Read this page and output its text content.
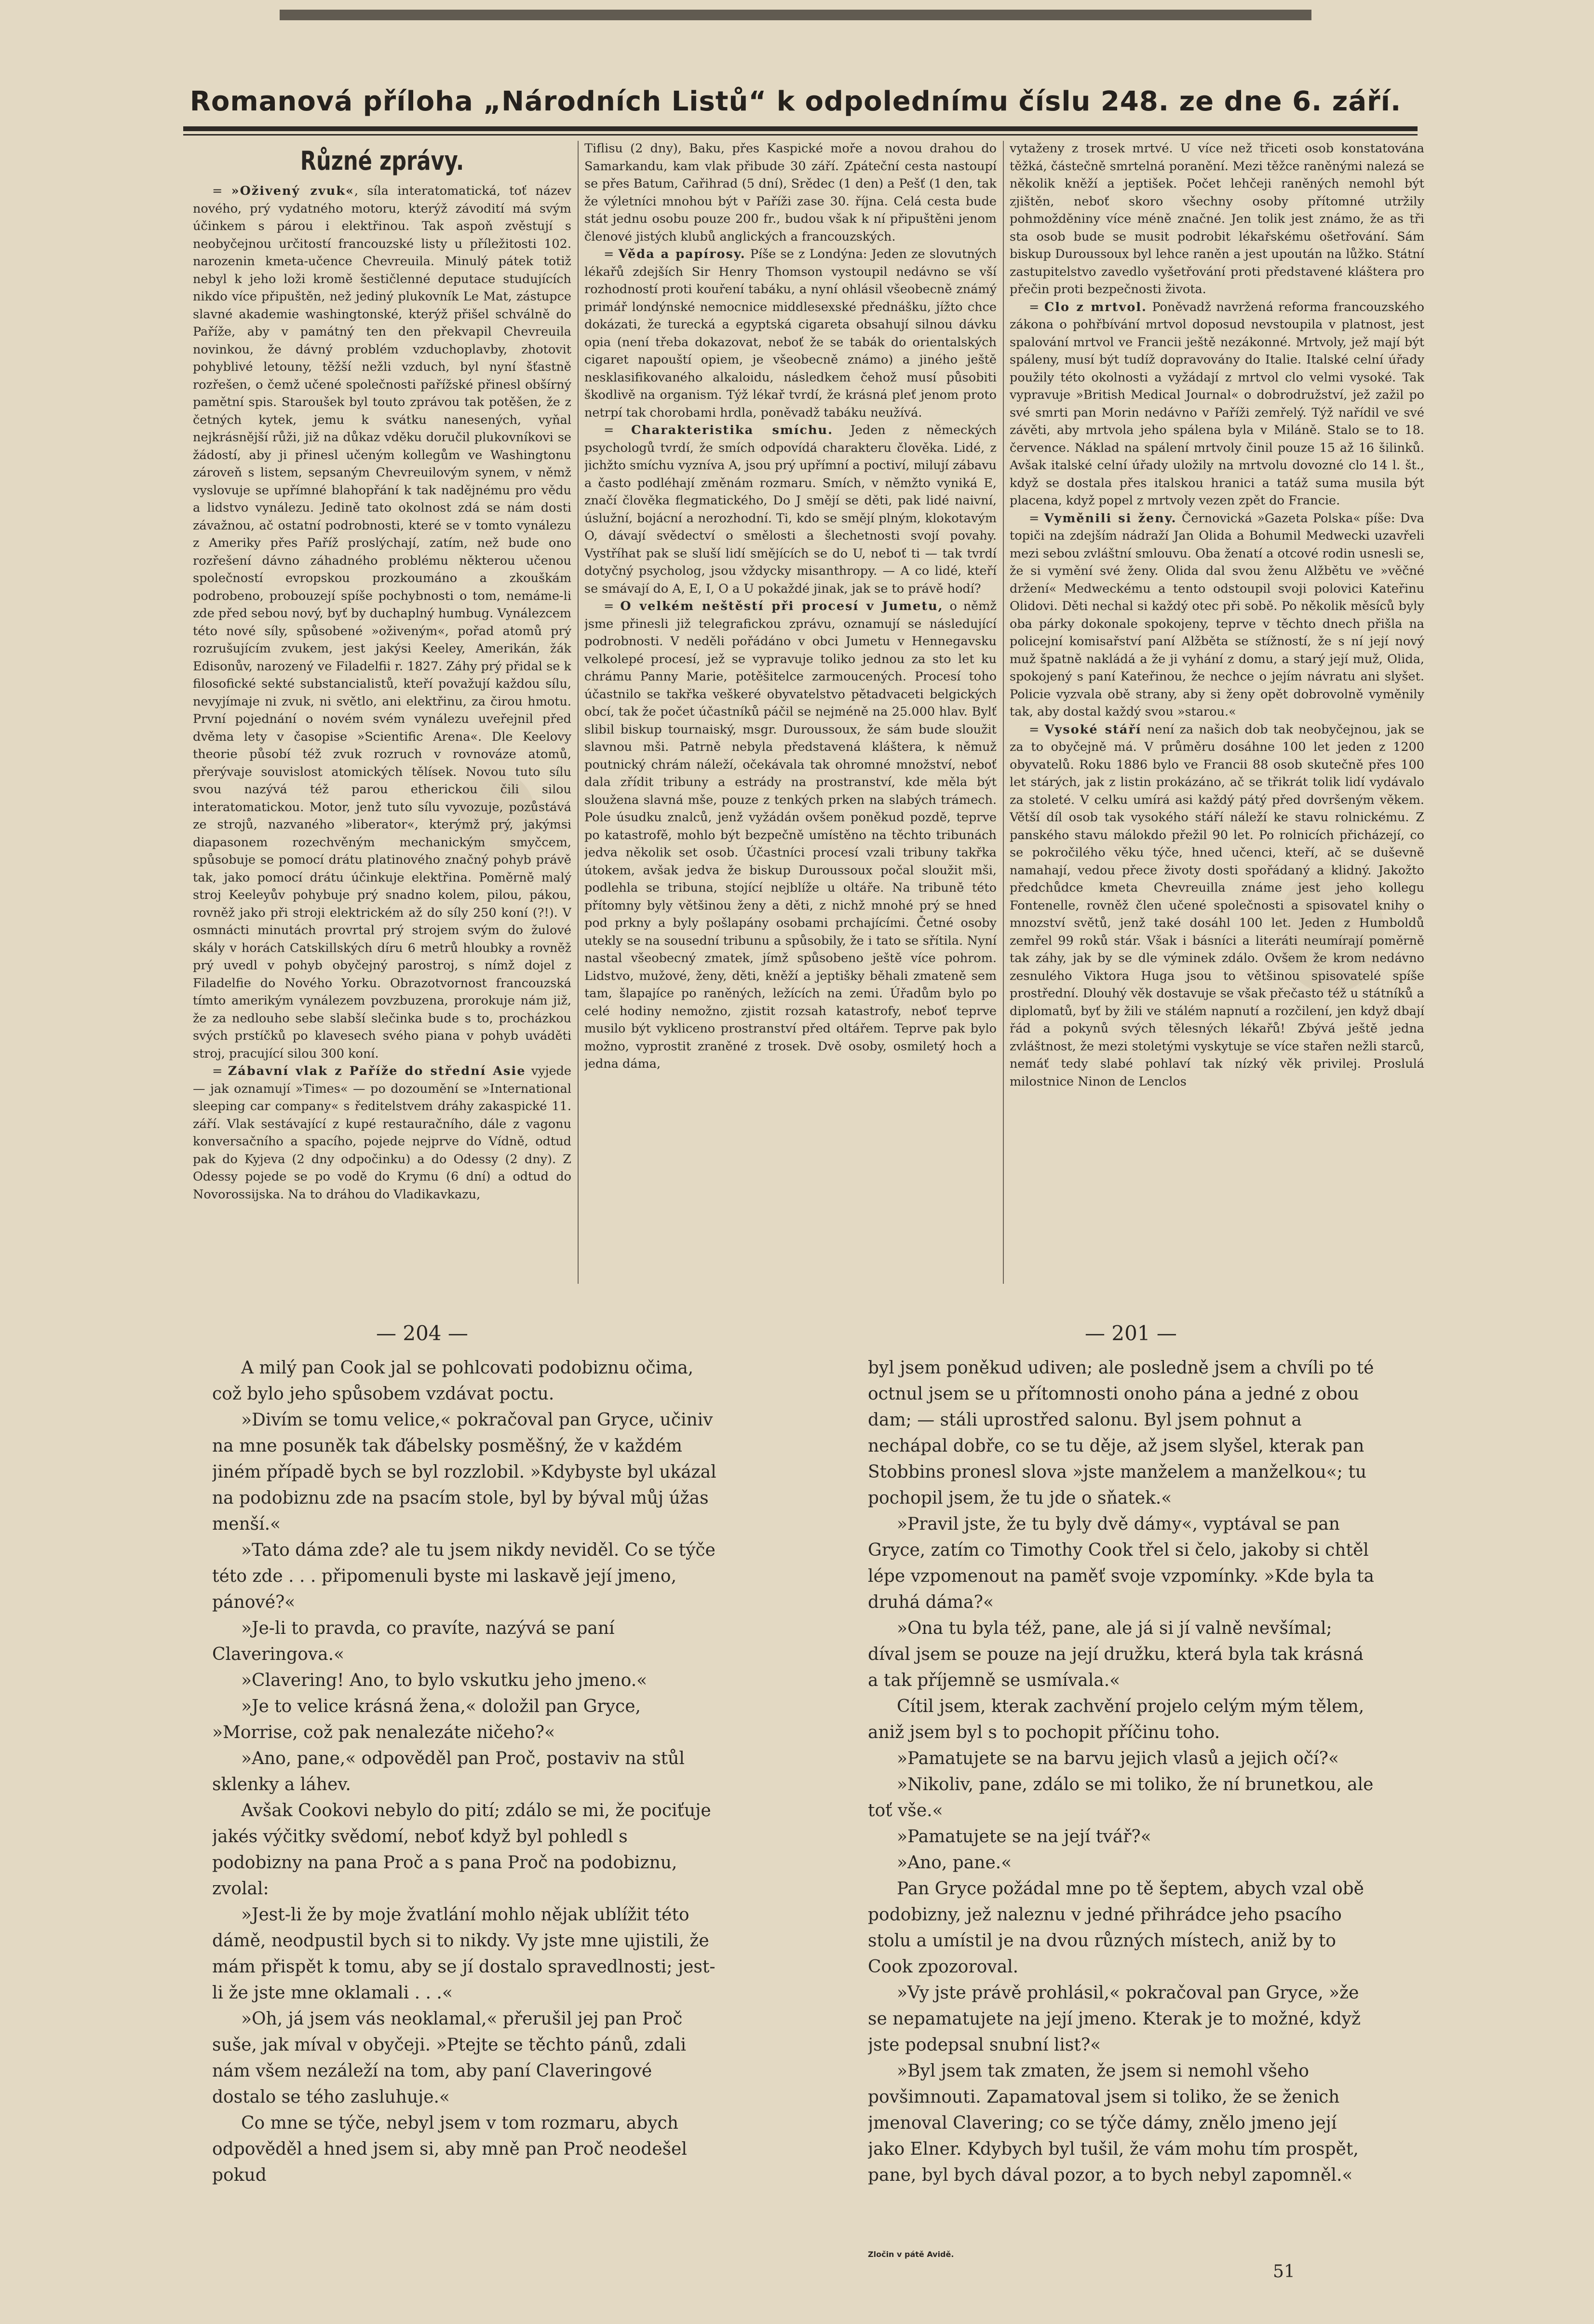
Romanová příloha „Národních Listů“ k odpolednímu číslu 248. ze dne 6. září.
Různé zprávy.

= »Oživený zvuk«, síla interatomatická, toť název nového, prý vydatného motoru, kterýž závodití má svým účinkem s párou i elektřinou. Tak aspoň zvěstují s neobyčejnou určitostí francouzské listy u příležitosti 102. narozenin kmeta-učence Chevreuila. Minulý pátek totiž nebyl k jeho loži kromě šestičlenné deputace studujících nikdo více připuštěn, než jediný plukovník Le Mat, zástupce slavné akademie washingtonské, kterýž přišel schválně do Paříže, aby v památný ten den překvapil Chevreuila novinkou, že dávný problém vzduchoplavby, zhotovit pohyblivé letouny, těžší nežli vzduch, byl nyní šťastně rozřešen, o čemž učené společnosti pařížské přinesl obšírný pamětní spis. Staroušek byl touto zprávou tak potěšen, že z četných kytek, jemu k svátku nanesených, vyňal nejkrásnější růži, již na důkaz vděku doručil plukovníkovi se žádostí, aby ji přinesl učeným kollegům ve Washingtonu zároveň s listem, sepsaným Chevreuilovým synem, v němž vyslovuje se upřímné blahopřání k tak nadějnému pro vědu a lidstvo vynálezu. Jedině tato okolnost zdá se nám dosti závažnou, ač ostatní podrobnosti, které se v tomto vynálezu z Ameriky přes Paříž proslýchají, zatím, než bude ono rozřešení dávno záhadného problému některou učenou společností evropskou prozkoumáno a zkouškám podrobeno, probouzejí spíše pochybnosti o tom, nemáme-li zde před sebou nový, byť by duchaplný humbug. Vynálezcem této nové síly, spůsobené »oživeným«, pořad atomů prý rozrušujícím zvukem, jest jakýsi Keeley, Amerikán, žák Edisonův, narozený ve Filadelfii r. 1827. Záhy prý přidal se k filosofické sekté substancialistů, kteří považují každou sílu, nevyjímaje ni zvuk, ni světlo, ani elektřinu, za čirou hmotu. První pojednání o novém svém vynálezu uveřejnil před dvěma lety v časopise »Scientific Arena«. Dle Keelovy theorie působí též zvuk rozruch v rovnováze atomů, přerývaje souvislost atomických tělísek. Novou tuto sílu svou nazývá též parou etherickou čili silou interatomatickou. Motor, jenž tuto sílu vyvozuje, pozůstává ze strojů, nazvaného »liberator«, kterýmž prý, jakýmsi diapasonem rozechvěným mechanickým smyčcem, spůsobuje se pomocí drátu platinového značný pohyb právě tak, jako pomocí drátu účinkuje elektřina. Poměrně malý stroj Keeleyův pohybuje prý snadno kolem, pilou, pákou, rovněž jako při stroji elektrickém až do síly 250 koní (?!). V osmnácti minutách provrtal prý strojem svým do žulové skály v horách Catskillských díru 6 metrů hloubky a rovněž prý uvedl v pohyb obyčejný parostroj, s nímž dojel z Filadelfie do Nového Yorku. Obrazotvornost francouzská tímto amerikým vynálezem povzbuzena, prorokuje nám již, že za nedlouho sebe slabší slečinka bude s to, procházkou svých prstíčků po klavesech svého piana v pohyb uváděti stroj, pracující silou 300 koní.

= Zábavní vlak z Paříže do střední Asie vyjede — jak oznamují »Times« — po dozoumění se »International sleeping car company« s ředitelstvem dráhy zakaspické 11. září. Vlak sestávající z kupé restauračního, dále z vagonu konversačního a spacího, pojede nejprve do Vídně, odtud pak do Kyjeva (2 dny odpočinku) a do Odessy (2 dny). Z Odessy pojede se po vodě do Krymu (6 dní) a odtud do Novorossijska. Na to dráhou do Vladikavkazu,

Tiflisu (2 dny), Baku, přes Kaspické moře a novou drahou do Samarkandu, kam vlak přibude 30 září. Zpáteční cesta nastoupí se přes Batum, Cařihrad (5 dní), Srědec (1 den) a Pešť (1 den, tak že výletníci mnohou být v Paříži zase 30. října. Celá cesta bude stát jednu osobu pouze 200 fr., budou však k ní připuštěni jenom členové jistých klubů anglických a francouzských.

= Věda a papírosy. Píše se z Londýna: Jeden ze slovutných lékařů zdejších Sir Henry Thomson vystoupil nedávno se vší rozhodností proti kouření tabáku, a nyní ohlásil všeobecně známý primář londýnské nemocnice middlesexské přednášku, jížto chce dokázati, že turecká a egyptská cigareta obsahují silnou dávku opia (není třeba dokazovat, neboť že se tabák do orientalských cigaret napouští opiem, je všeobecně známo) a jiného ještě nesklasifikovaného alkaloidu, následkem čehož musí působiti škodlivě na organism. Týž lékař tvrdí, že krásná pleť jenom proto netrpí tak chorobami hrdla, poněvadž tabáku neužívá.

= Charakteristika smíchu. Jeden z německých psychologů tvrdí, že smích odpovídá charakteru člověka. Lidé, z jichžto smíchu vyzníva A, jsou prý upřímní a poctiví, milují zábavu a často podléhají změnám rozmaru. Smích, v němžto vyniká E, značí člověka flegmatického, Do J smějí se děti, pak lidé naivní, úslužní, bojácní a nerozhodní. Ti, kdo se smějí plným, klokotavým O, dávají svědectví o smělosti a šlechetnosti svojí povahy. Vystříhat pak se sluší lidí smějících se do U, neboť ti — tak tvrdí dotyčný psycholog, jsou vždycky misanthropy. — A co lidé, kteří se smávají do A, E, I, O a U pokaždé jinak, jak se to právě hodí?

= O velkém neštěstí při procesí v Jumetu, o němž jsme přinesli již telegrafickou zprávu, oznamují se následující podrobnosti. V neděli pořádáno v obci Jumetu v Hennegavsku velkolepé procesí, jež se vypravuje toliko jednou za sto let ku chrámu Panny Marie, potěšitelce zarmoucených. Procesí toho účastnilo se takřka veškeré obyvatelstvo pětadvaceti belgických obcí, tak že počet účastníků páčil se nejméně na 25.000 hlav. Bylť slibil biskup tournaiský, msgr. Duroussoux, že sám bude sloužit slavnou mši. Patrně nebyla představená kláštera, k němuž poutnický chrám náleží, očekávala tak ohromné množství, neboť dala zřídit tribuny a estrády na prostranství, kde měla být sloužena slavná mše, pouze z tenkých prken na slabých trámech. Pole úsudku znalců, jenž vyžádán ovšem poněkud pozdě, teprve po katastrofě, mohlo být bezpečně umístěno na těchto tribunách jedva několik set osob. Účastníci procesí vzali tribuny takřka útokem, avšak jedva že biskup Duroussoux počal sloužit mši, podlehla se tribuna, stojící nejblíže u oltáře. Na tribuně této přítomny byly většinou ženy a děti, z nichž mnohé prý se hned pod prkny a byly pošlapány osobami prchajícími. Četné osoby utekly se na sousední tribunu a spůsobily, že i tato se sřítila. Nyní nastal všeobecný zmatek, jímž spůsobeno ještě více pohrom. Lidstvo, mužové, ženy, děti, kněží a jeptišky běhali zmateně sem tam, šlapajíce po raněných, ležících na zemi. Úřadům bylo po celé hodiny nemožno, zjistit rozsah katastrofy, neboť teprve musilo být vykliceno prostranství před oltářem. Teprve pak bylo možno, vyprostit zraněné z trosek. Dvě osoby, osmiletý hoch a jedna dáma,

vytaženy z trosek mrtvé. U více než třiceti osob konstatována těžká, částečně smrtelná poranění. Mezi těžce raněnými nalezá se několik kněží a jeptišek. Počet lehčeji raněných nemohl být zjištěn, neboť skoro všechny osoby přítomné utržily pohmožděniny více méně značné. Jen tolik jest známo, že as tři sta osob bude se musit podrobit lékařskému ošetřování. Sám biskup Duroussoux byl lehce raněn a jest upoután na lůžko. Státní zastupitelstvo zavedlo vyšetřování proti představené kláštera pro přečin proti bezpečnosti života.

= Clo z mrtvol. Poněvadž navržená reforma francouzského zákona o pohřbívání mrtvol doposud nevstoupila v platnost, jest spalování mrtvol ve Francii ještě nezákonné. Mrtvoly, jež mají být spáleny, musí být tudíž dopravovány do Italie. Italské celní úřady použily této okolnosti a vyžádají z mrtvol clo velmi vysoké. Tak vypravuje »British Medical Journal« o dobrodružství, jež zažil po své smrti pan Morin nedávno v Paříži zemřelý. Týž nařídil ve své závěti, aby mrtvola jeho spálena byla v Miláně. Stalo se to 18. července. Náklad na spálení mrtvoly činil pouze 15 až 16 šilinků. Avšak italské celní úřady uložily na mrtvolu dovozné clo 14 l. št., když se dostala přes italskou hranici a tatáž suma musila být placena, když popel z mrtvoly vezen zpět do Francie.

= Vyměnili si ženy. Černovická »Gazeta Polska« píše: Dva topiči na zdejším nádraží Jan Olida a Bohumil Medwecki uzavřeli mezi sebou zvláštní smlouvu. Oba ženatí a otcové rodin usnesli se, že si vymění své ženy. Olida dal svou ženu Alžbětu ve »věčné držení« Medweckému a tento odstoupil svoji polovici Kateřinu Olidovi. Děti nechal si každý otec při sobě. Po několik měsíců byly oba párky dokonale spokojeny, teprve v těchto dnech přišla na policejní komisařství paní Alžběta se stížností, že s ní její nový muž špatně nakládá a že ji vyhání z domu, a starý její muž, Olida, spokojený s paní Kateřinou, že nechce o jejím návratu ani slyšet. Policie vyzvala obě strany, aby si ženy opět dobrovolně vyměnily tak, aby dostal každý svou »starou.«

= Vysoké stáří není za našich dob tak neobyčejnou, jak se za to obyčejně má. V průměru dosáhne 100 let jeden z 1200 obyvatelů. Roku 1886 bylo ve Francii 88 osob skutečně přes 100 let stárých, jak z listin prokázáno, ač se třikrát tolik lidí vydávalo za stoleté. V celku umírá asi každý pátý před dovršeným věkem. Větší díl osob tak vysokého stáří náleží ke stavu rolnickému. Z panského stavu málokdo přežil 90 let. Po rolnicích přicházejí, co se pokročilého věku týče, hned učenci, kteří, ač se duševně namahají, vedou přece životy dosti spořádaný a klidný. Jakožto předchůdce kmeta Chevreuilla známe jest jeho kollegu Fontenelle, rovněž člen učené společnosti a spisovatel knihy o mnozství světů, jenž také dosáhl 100 let. Jeden z Humboldů zemřel 99 roků stár. Však i básníci a literáti neumírají poměrně tak záhy, jak by se dle výminek zdálo. Ovšem že krom nedávno zesnulého Viktora Huga jsou to většinou spisovatelé spíše prostřední. Dlouhý věk dostavuje se však přečasto též u státníků a diplomatů, byť by žili ve stálém napnutí a rozčilení, jen když dbají řád a pokynů svých tělesných lékařů! Zbývá ještě jedna zvláštnost, že mezi stoletými vyskytuje se více stařen nežli starců, nemáť tedy slabé pohlaví tak nízký věk privilej. Proslulá milostnice Ninon de Lenclos

— 204 —	— 201 —

A milý pan Cook jal se pohlcovati podobiznu očima, což bylo jeho spůsobem vzdávat poctu.

»Divím se tomu velice,« pokračoval pan Gryce, učiniv na mne posuněk tak ďábelsky posměšný, že v každém jiném případě bych se byl rozzlobil. »Kdybyste byl ukázal na podobiznu zde na psacím stole, byl by býval můj úžas menší.«

»Tato dáma zde? ale tu jsem nikdy neviděl. Co se týče této zde . . . připomenuli byste mi laskavě její jmeno, pánové?«

»Je-li to pravda, co pravíte, nazývá se paní Claveringova.«

»Clavering! Ano, to bylo vskutku jeho jmeno.«

»Je to velice krásná žena,« doložil pan Gryce, »Morrise, což pak nenalezáte ničeho?«

»Ano, pane,« odpověděl pan Proč, postaviv na stůl sklenky a láhev.

Avšak Cookovi nebylo do pití; zdálo se mi, že pociťuje jakés výčitky svědomí, neboť když byl pohledl s podobizny na pana Proč a s pana Proč na podobiznu, zvolal:

»Jest-li že by moje žvatlání mohlo nějak ublížit této dámě, neodpustil bych si to nikdy. Vy jste mne ujistili, že mám přispět k tomu, aby se jí dostalo spravedlnosti; jest-li že jste mne oklamali . . .«

»Oh, já jsem vás neoklamal,« přerušil jej pan Proč suše, jak míval v obyčeji. »Ptejte se těchto pánů, zdali nám všem nezáleží na tom, aby paní Claveringové dostalo se tého zasluhuje.«

Co mne se týče, nebyl jsem v tom rozmaru, abych odpověděl a hned jsem si, aby mně pan Proč neodešel pokud

byl jsem poněkud udiven; ale posledně jsem a chvíli po té octnul jsem se u přítomnosti onoho pána a jedné z obou dam; — stáli uprostřed salonu. Byl jsem pohnut a nechápal dobře, co se tu děje, až jsem slyšel, kterak pan Stobbins pronesl slova »jste manželem a manželkou«; tu pochopil jsem, že tu jde o sňatek.«

»Pravil jste, že tu byly dvě dámy«, vyptával se pan Gryce, zatím co Timothy Cook třel si čelo, jakoby si chtěl lépe vzpomenout na paměť svoje vzpomínky. »Kde byla ta druhá dáma?«

»Ona tu byla též, pane, ale já si jí valně nevšímal; díval jsem se pouze na její družku, která byla tak krásná a tak příjemně se usmívala.«

Cítil jsem, kterak zachvění projelo celým mým tělem, aniž jsem byl s to pochopit příčinu toho.

»Pamatujete se na barvu jejich vlasů a jejich očí?«

»Nikoliv, pane, zdálo se mi toliko, že ní brunetkou, ale toť vše.«

»Pamatujete se na její tvář?«

»Ano, pane.«

Pan Gryce požádal mne po tě šeptem, abych vzal obě podobizny, jež naleznu v jedné přihrádce jeho psacího stolu a umístil je na dvou různých místech, aniž by to Cook zpozoroval.

»Vy jste právě prohlásil,« pokračoval pan Gryce, »že se nepamatujete na její jmeno. Kterak je to možné, když jste podepsal snubní list?«

»Byl jsem tak zmaten, že jsem si nemohl všeho povšimnouti. Zapamatoval jsem si toliko, že se ženich jmenoval Clavering; co se týče dámy, znělo jmeno její jako Elner. Kdybych byl tušil, že vám mohu tím prospět, pane, byl bych dával pozor, a to bych nebyl zapomněl.«

Zločin v pátě Avidě.
51
